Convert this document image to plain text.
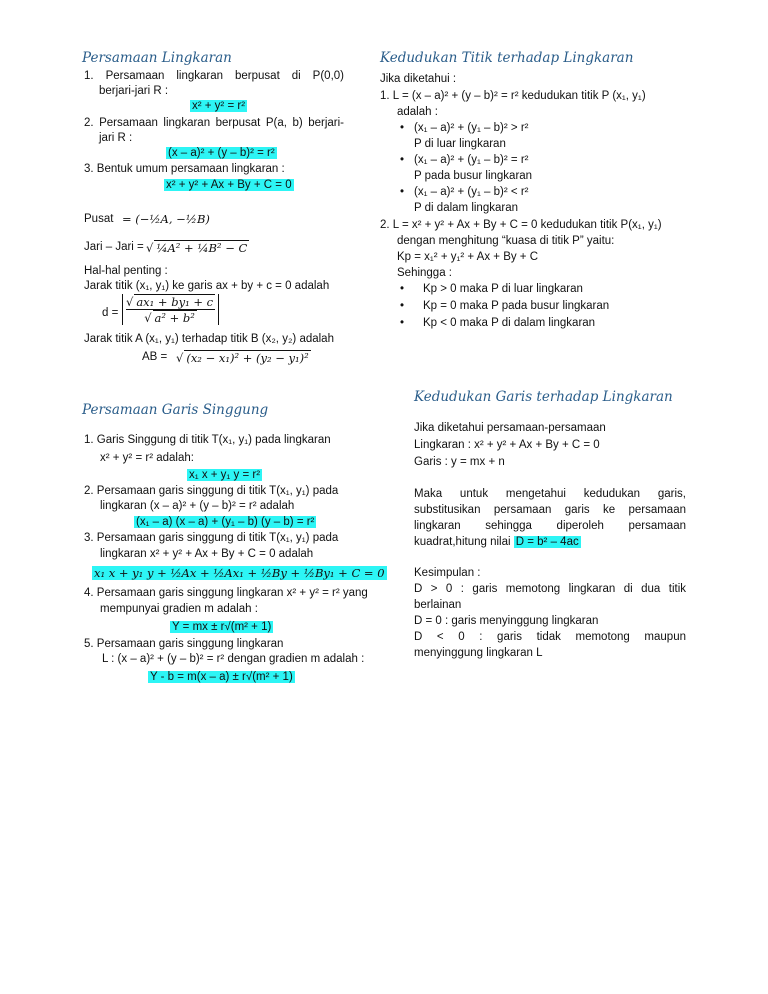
Persamaan Lingkaran
1. Persamaan lingkaran berpusat di P(0,0)
berjari-jari R :
x² + y² = r²
2. Persamaan lingkaran berpusat P(a, b) berjari-
jari R :
(x – a)² + (y – b)² = r²
3. Bentuk umum persamaan lingkaran :
x² + y² + Ax + By + C = 0
Pusat = (−½A, −½B)
Jari – Jari = √ ¼A² + ¼B² − C
Hal-hal penting :
Jarak titik (x₁, y₁) ke garis ax + by + c = 0 adalah
$d = \frac{\text{√ ax₁ + by₁ + c}}{\text{√ a² + b²}}$
Jarak titik A (x₁, y₁) terhadap titik B (x₂, y₂) adalah
AB = √ (x₂ − x₁)² + (y₂ − y₁)²
Persamaan Garis Singgung
1. Garis Singgung di titik T(x₁, y₁) pada lingkaran
x² + y² = r² adalah:
x₁ x + y₁ y = r²
2. Persamaan garis singgung di titik T(x₁, y₁) pada
lingkaran (x – a)² + (y – b)² = r² adalah
(x₁ – a) (x – a) + (y₁ – b) (y – b) = r²
3. Persamaan garis singgung di titik T(x₁, y₁) pada
lingkaran x² + y² + Ax + By + C = 0 adalah
x₁ x + y₁ y + ½Ax + ½Ax₁ + ½By + ½By₁ + C = 0
4. Persamaan garis singgung lingkaran x² + y² = r² yang
mempunyai gradien m adalah :
Y = mx ± r√(m² + 1)
5. Persamaan garis singgung lingkaran
L : (x – a)² + (y – b)² = r² dengan gradien m adalah :
Y - b = m(x – a) ± r√(m² + 1)
Kedudukan Titik terhadap Lingkaran
Jika diketahui :
1. L = (x – a)² + (y – b)² = r² kedudukan titik P (x₁, y₁)
adalah :
• (x₁ – a)² + (y₁ – b)² > r²
P di luar lingkaran
• (x₁ – a)² + (y₁ – b)² = r²
P pada busur lingkaran
• (x₁ – a)² + (y₁ – b)² < r²
P di dalam lingkaran
2. L = x² + y² + Ax + By + C = 0 kedudukan titik P(x₁, y₁)
dengan menghitung “kuasa di titik P” yaitu:
Kp = x₁² + y₁² + Ax + By + C
Sehingga :
• Kp > 0 maka P di luar lingkaran
• Kp = 0 maka P pada busur lingkaran
• Kp < 0 maka P di dalam lingkaran
Kedudukan Garis terhadap Lingkaran
Jika diketahui persamaan-persamaan
Lingkaran : x² + y² + Ax + By + C = 0
Garis : y = mx + n
Maka untuk mengetahui kedudukan garis,
substitusikan persamaan garis ke persamaan
lingkaran sehingga diperoleh persamaan
kuadrat,hitung nilai D = b² – 4ac
Kesimpulan :
D > 0 : garis memotong lingkaran di dua titik
berlainan
D = 0 : garis menyinggung lingkaran
D < 0 : garis tidak memotong maupun
menyinggung lingkaran L
